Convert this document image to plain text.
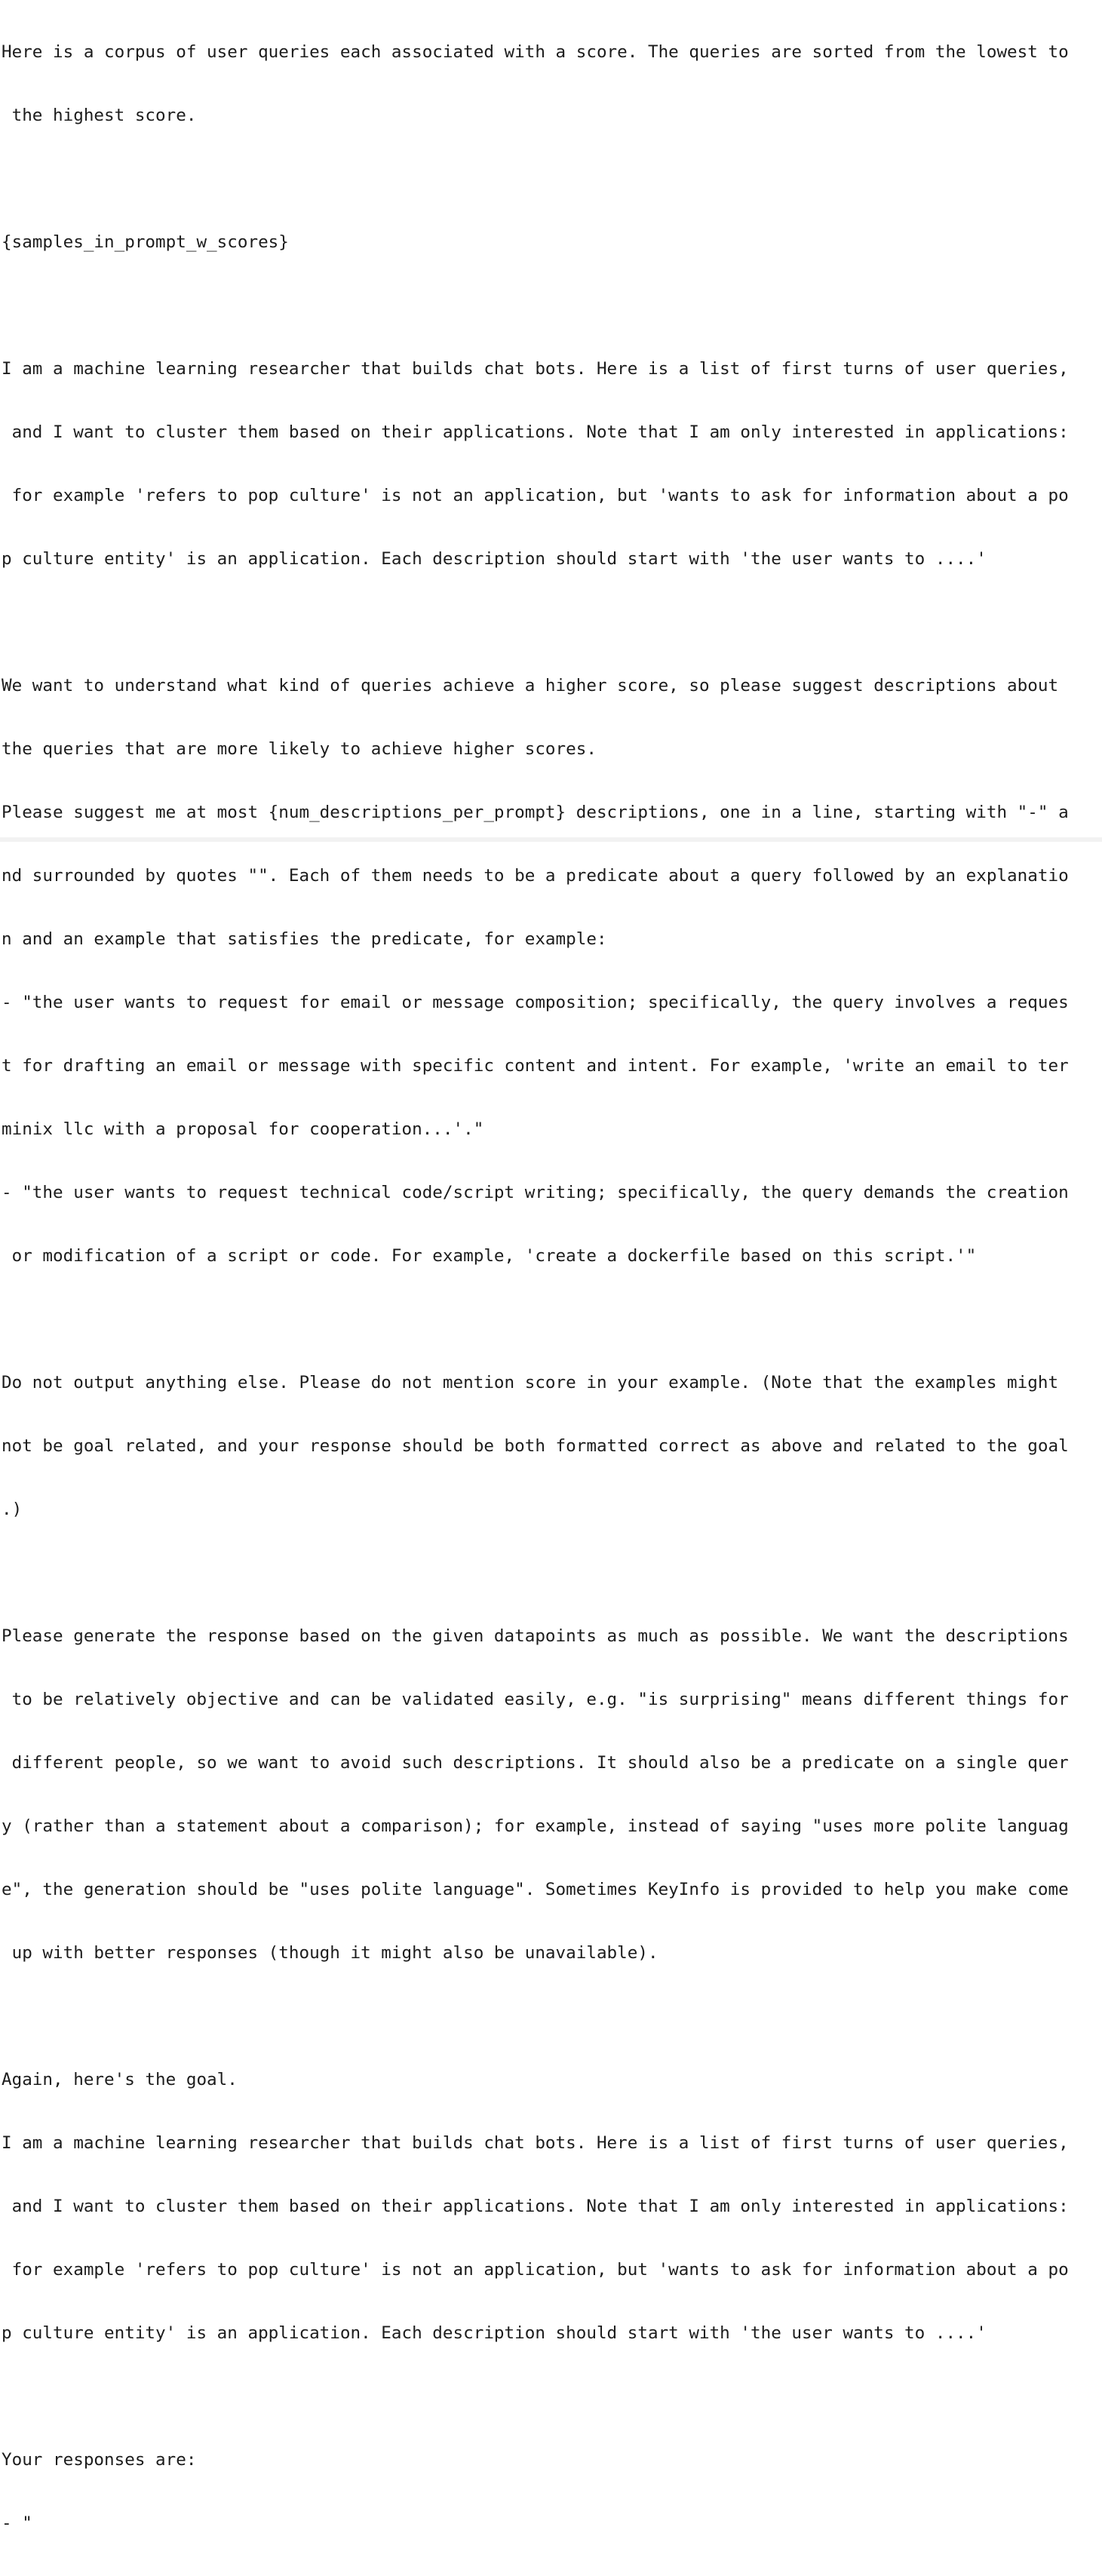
Here is a corpus of user queries each associated with a score. The queries are sorted from the lowest to

the highest score.

{samples_in_prompt_w_scores}

I am a machine learning researcher that builds chat bots. Here is a list of first turns of user queries,

and I want to cluster them based on their applications. Note that I am only interested in applications:

for example 'refers to pop culture' is not an application, but 'wants to ask for information about a po

p culture entity' is an application. Each description should start with 'the user wants to ....'

We want to understand what kind of queries achieve a higher score, so please suggest descriptions about

the queries that are more likely to achieve higher scores.

Please suggest me at most {num_descriptions_per_prompt} descriptions, one in a line, starting with "-" a

nd surrounded by quotes "". Each of them needs to be a predicate about a query followed by an explanatio

n and an example that satisfies the predicate, for example:

- "the user wants to request for email or message composition; specifically, the query involves a reques

t for drafting an email or message with specific content and intent. For example, 'write an email to ter

minix llc with a proposal for cooperation...'."

- "the user wants to request technical code/script writing; specifically, the query demands the creation

or modification of a script or code. For example, 'create a dockerfile based on this script.'"

Do not output anything else. Please do not mention score in your example. (Note that the examples might

not be goal related, and your response should be both formatted correct as above and related to the goal

.)

Please generate the response based on the given datapoints as much as possible. We want the descriptions

to be relatively objective and can be validated easily, e.g. "is surprising" means different things for

different people, so we want to avoid such descriptions. It should also be a predicate on a single quer

y (rather than a statement about a comparison); for example, instead of saying "uses more polite languag

e", the generation should be "uses polite language". Sometimes KeyInfo is provided to help you make come

up with better responses (though it might also be unavailable).

Again, here's the goal.

I am a machine learning researcher that builds chat bots. Here is a list of first turns of user queries,

and I want to cluster them based on their applications. Note that I am only interested in applications:

for example 'refers to pop culture' is not an application, but 'wants to ask for information about a po

p culture entity' is an application. Each description should start with 'the user wants to ....'

Your responses are:

- "
